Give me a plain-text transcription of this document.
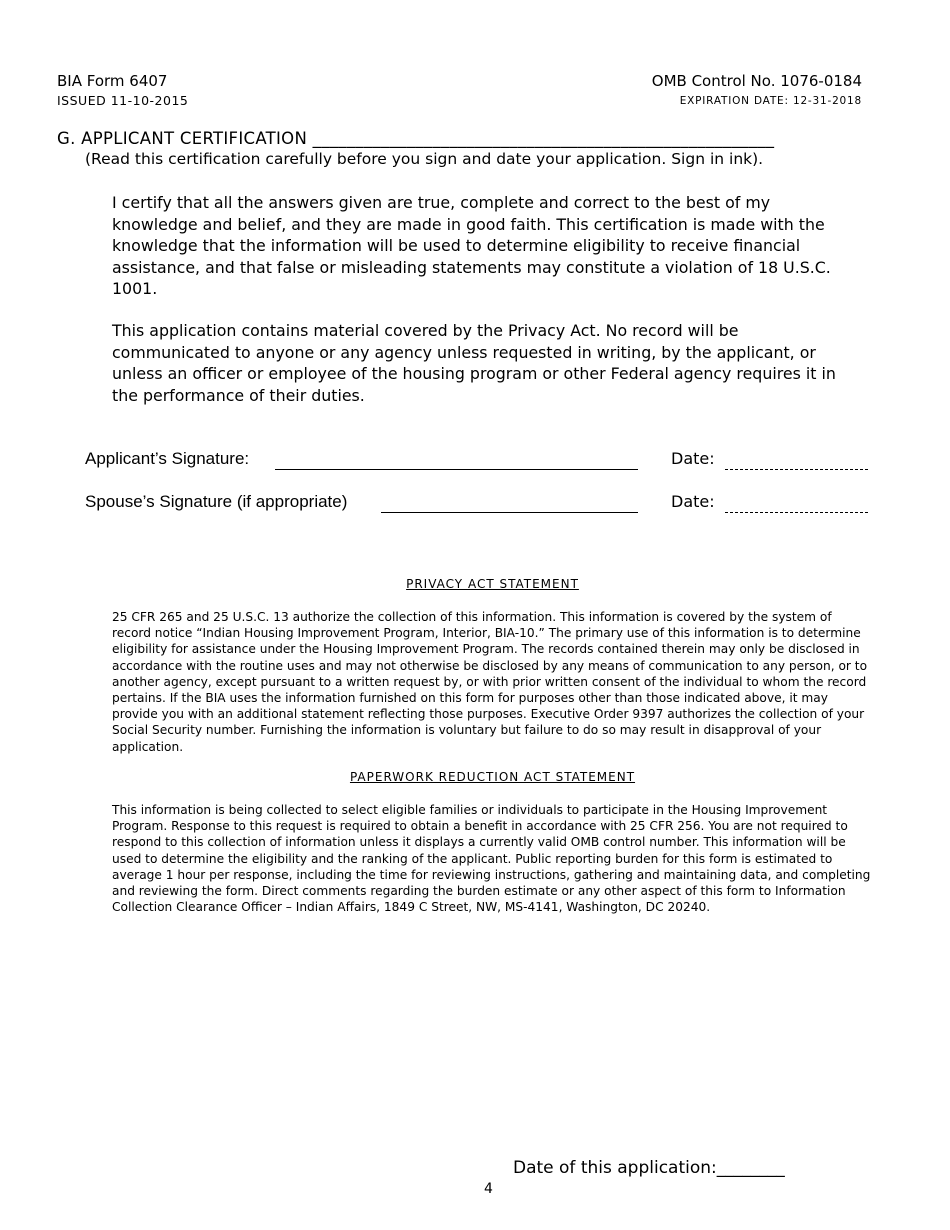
BIA Form 6407
ISSUED 11-10-2015
OMB Control No. 1076-0184
EXPIRATION DATE: 12-31-2018
G. APPLICANT CERTIFICATION ______________________________________________________
(Read this certification carefully before you sign and date your application. Sign in ink).
I certify that all the answers given are true, complete and correct to the best of my knowledge and belief, and they are made in good faith. This certification is made with the knowledge that the information will be used to determine eligibility to receive financial assistance, and that false or misleading statements may constitute a violation of 18 U.S.C. 1001.
This application contains material covered by the Privacy Act. No record will be communicated to anyone or any agency unless requested in writing, by the applicant, or unless an officer or employee of the housing program or other Federal agency requires it in the performance of their duties.
Applicant’s Signature:	Date:
Spouse’s Signature (if appropriate)	Date:
PRIVACY ACT STATEMENT
25 CFR 265 and 25 U.S.C. 13 authorize the collection of this information. This information is covered by the system of record notice “Indian Housing Improvement Program, Interior, BIA-10.” The primary use of this information is to determine eligibility for assistance under the Housing Improvement Program. The records contained therein may only be disclosed in accordance with the routine uses and may not otherwise be disclosed by any means of communication to any person, or to another agency, except pursuant to a written request by, or with prior written consent of the individual to whom the record pertains. If the BIA uses the information furnished on this form for purposes other than those indicated above, it may provide you with an additional statement reflecting those purposes. Executive Order 9397 authorizes the collection of your Social Security number. Furnishing the information is voluntary but failure to do so may result in disapproval of your application.
PAPERWORK REDUCTION ACT STATEMENT
This information is being collected to select eligible families or individuals to participate in the Housing Improvement Program. Response to this request is required to obtain a benefit in accordance with 25 CFR 256. You are not required to respond to this collection of information unless it displays a currently valid OMB control number. This information will be used to determine the eligibility and the ranking of the applicant. Public reporting burden for this form is estimated to average 1 hour per response, including the time for reviewing instructions, gathering and maintaining data, and completing and reviewing the form. Direct comments regarding the burden estimate or any other aspect of this form to Information Collection Clearance Officer – Indian Affairs, 1849 C Street, NW, MS-4141, Washington, DC 20240.
Date of this application:________
4
